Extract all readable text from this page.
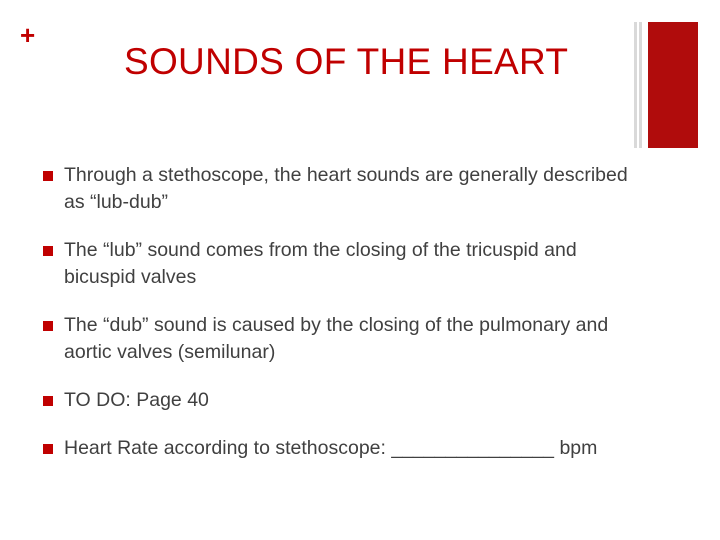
+
SOUNDS OF THE HEART
Through a stethoscope, the heart sounds are generally described as “lub-dub”
The “lub” sound comes from the closing of the tricuspid and bicuspid valves
The “dub” sound is caused by the closing of the pulmonary and aortic valves (semilunar)
TO DO: Page 40
Heart Rate according to stethoscope: _______________ bpm
